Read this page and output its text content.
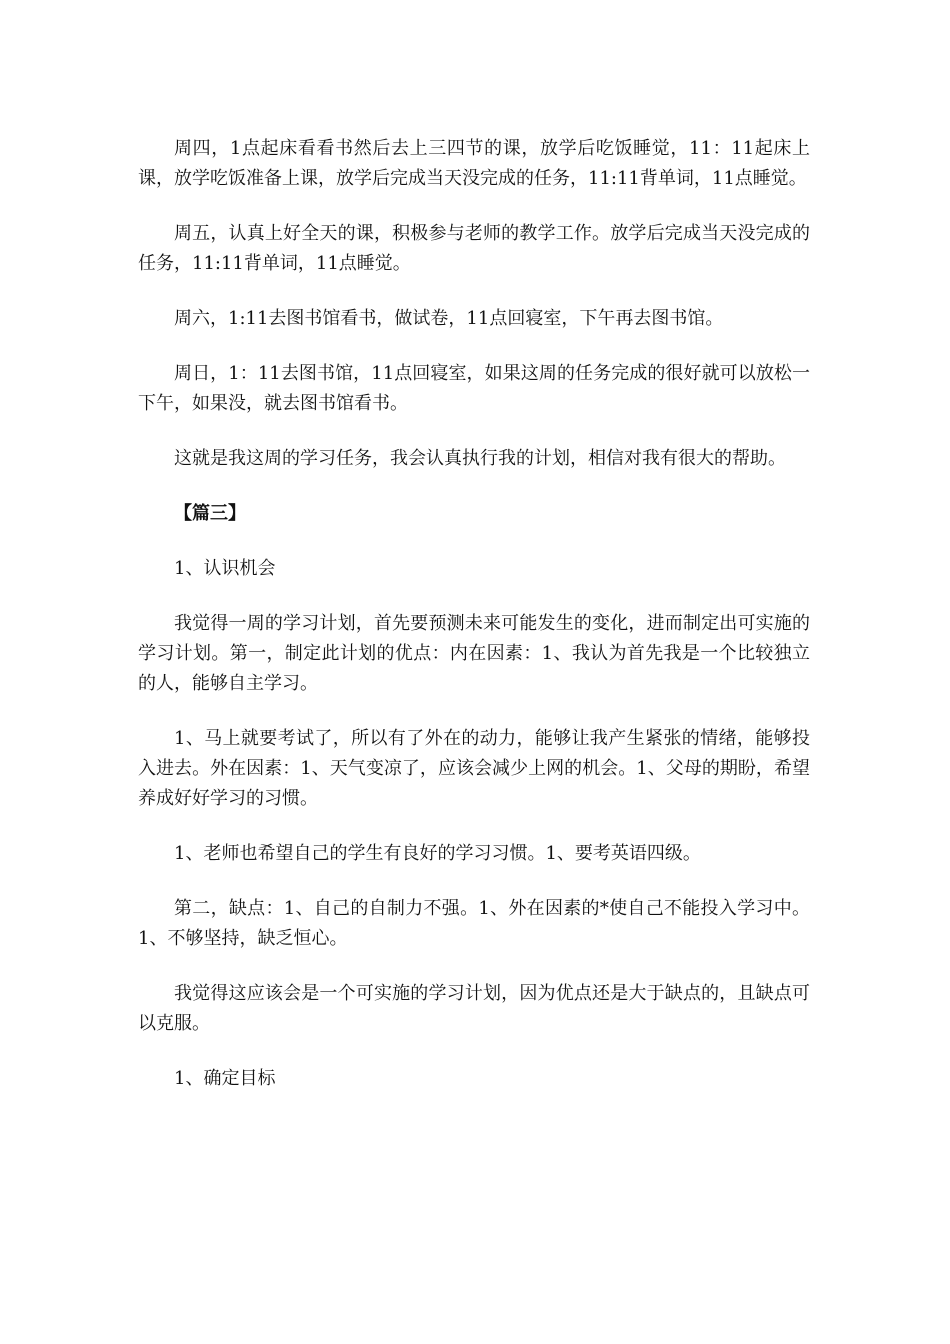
周四，1点起床看看书然后去上三四节的课，放学后吃饭睡觉，11：11起床上课，放学吃饭准备上课，放学后完成当天没完成的任务，11:11背单词，11点睡觉。

周五，认真上好全天的课，积极参与老师的教学工作。放学后完成当天没完成的任务，11:11背单词，11点睡觉。

周六，1:11去图书馆看书，做试卷，11点回寝室，下午再去图书馆。

周日，1：11去图书馆，11点回寝室，如果这周的任务完成的很好就可以放松一下午，如果没，就去图书馆看书。

这就是我这周的学习任务，我会认真执行我的计划，相信对我有很大的帮助。

【篇三】

1、认识机会

我觉得一周的学习计划，首先要预测未来可能发生的变化，进而制定出可实施的学习计划。第一，制定此计划的优点：内在因素：1、我认为首先我是一个比较独立的人，能够自主学习。

1、马上就要考试了，所以有了外在的动力，能够让我产生紧张的情绪，能够投入进去。外在因素：1、天气变凉了，应该会减少上网的机会。1、父母的期盼，希望养成好好学习的习惯。

1、老师也希望自己的学生有良好的学习习惯。1、要考英语四级。

第二，缺点：1、自己的自制力不强。1、外在因素的*使自己不能投入学习中。1、不够坚持，缺乏恒心。

我觉得这应该会是一个可实施的学习计划，因为优点还是大于缺点的，且缺点可以克服。

1、确定目标
